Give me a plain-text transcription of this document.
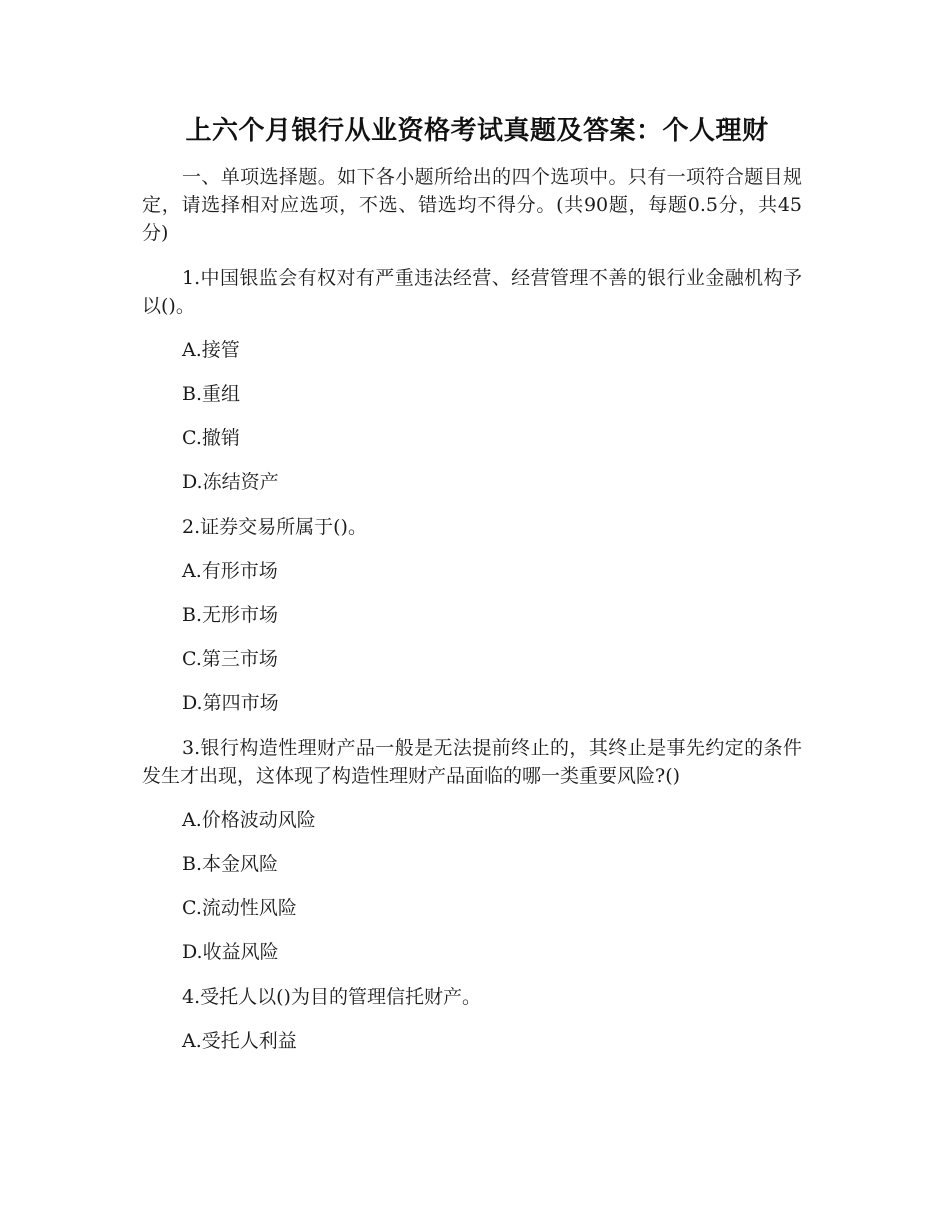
上六个月银行从业资格考试真题及答案：个人理财

一、单项选择题。如下各小题所给出的四个选项中。只有一项符合题目规定，请选择相对应选项，不选、错选均不得分。(共90题，每题0.5分，共45分)

1.中国银监会有权对有严重违法经营、经营管理不善的银行业金融机构予以()。

A.接管

B.重组

C.撤销

D.冻结资产

2.证券交易所属于()。

A.有形市场

B.无形市场

C.第三市场

D.第四市场

3.银行构造性理财产品一般是无法提前终止的，其终止是事先约定的条件发生才出现，这体现了构造性理财产品面临的哪一类重要风险?()

A.价格波动风险

B.本金风险

C.流动性风险

D.收益风险

4.受托人以()为目的管理信托财产。

A.受托人利益
